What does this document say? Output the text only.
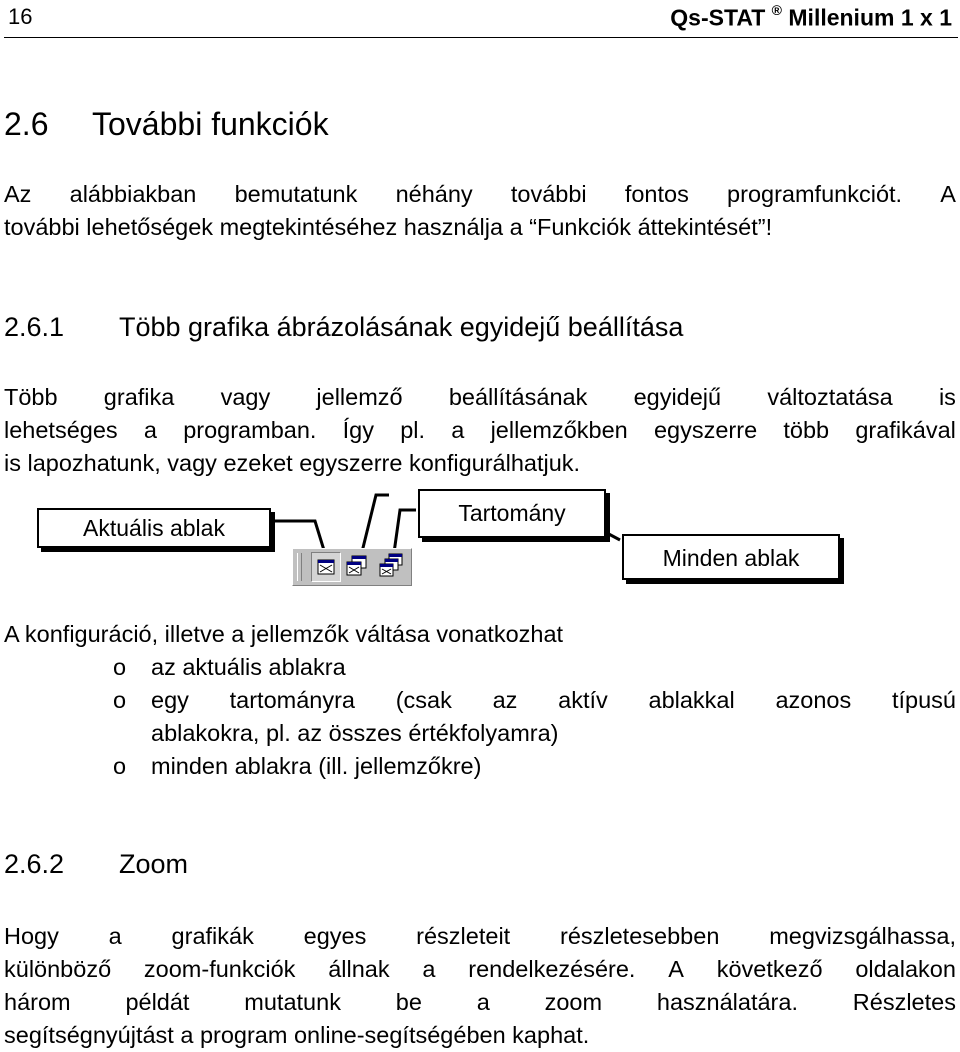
16	Qs-STAT ® Millenium 1 x 1
2.6 További funkciók
Az alábbiakban bemutatunk néhány további fontos programfunkciót. A
további lehetőségek megtekintéséhez használja a “Funkciók áttekintését”!
2.6.1 Több grafika ábrázolásának egyidejű beállítása
Több grafika vagy jellemző beállításának egyidejű változtatása is
lehetséges a programban. Így pl. a jellemzőkben egyszerre több grafikával
is lapozhatunk, vagy ezeket egyszerre konfigurálhatjuk.
Aktuális ablak
Tartomány
Minden ablak
A konfiguráció, illetve a jellemzők váltása vonatkozhat
o az aktuális ablakra
o egy tartományra (csak az aktív ablakkal azonos típusú
ablakokra, pl. az összes értékfolyamra)
o minden ablakra (ill. jellemzőkre)
2.6.2 Zoom
Hogy a grafikák egyes részleteit részletesebben megvizsgálhassa,
különböző zoom-funkciók állnak a rendelkezésére. A következő oldalakon
három példát mutatunk be a zoom használatára. Részletes
segítségnyújtást a program online-segítségében kaphat.
